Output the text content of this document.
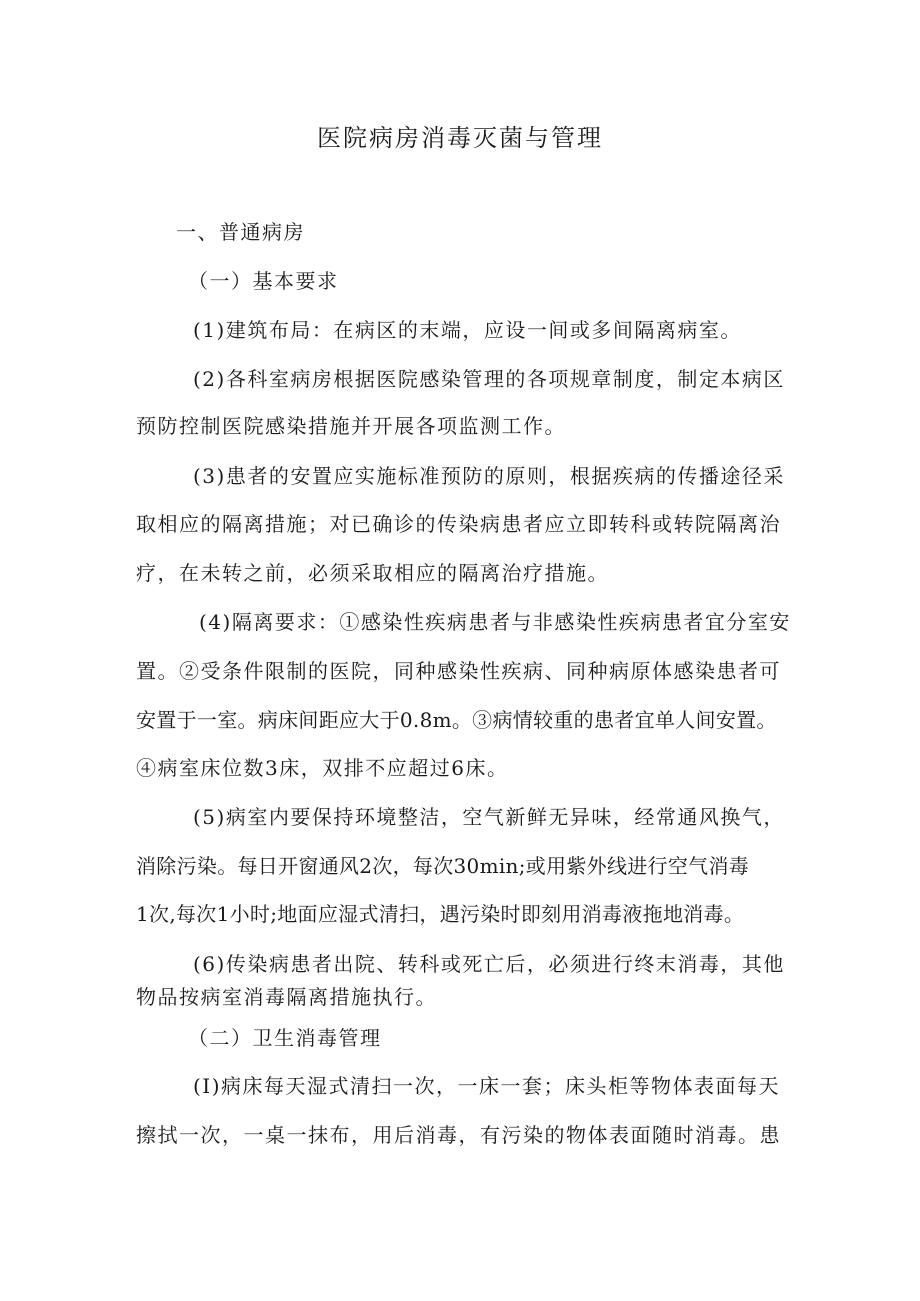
医院病房消毒灭菌与管理
一、普通病房
（一）基本要求
(1)建筑布局：在病区的末端，应设一间或多间隔离病室。
(2)各科室病房根据医院感染管理的各项规章制度，制定本病区
预防控制医院感染措施并开展各项监测工作。
(3)患者的安置应实施标准预防的原则，根据疾病的传播途径采
取相应的隔离措施；对已确诊的传染病患者应立即转科或转院隔离治
疗，在未转之前，必须采取相应的隔离治疗措施。
(4)隔离要求：①感染性疾病患者与非感染性疾病患者宜分室安
置。②受条件限制的医院，同种感染性疾病、同种病原体感染患者可
安置于一室。病床间距应大于0.8m。③病情较重的患者宜单人间安置。
④病室床位数3床，双排不应超过6床。
(5)病室内要保持环境整洁，空气新鲜无异味，经常通风换气，
消除污染。每日开窗通风2次，每次30min;或用紫外线进行空气消毒
1次,每次1小时;地面应湿式清扫，遇污染时即刻用消毒液拖地消毒。
(6)传染病患者出院、转科或死亡后，必须进行终末消毒，其他
物品按病室消毒隔离措施执行。
（二）卫生消毒管理
(I)病床每天湿式清扫一次，一床一套；床头柜等物体表面每天
擦拭一次，一桌一抹布，用后消毒，有污染的物体表面随时消毒。患
